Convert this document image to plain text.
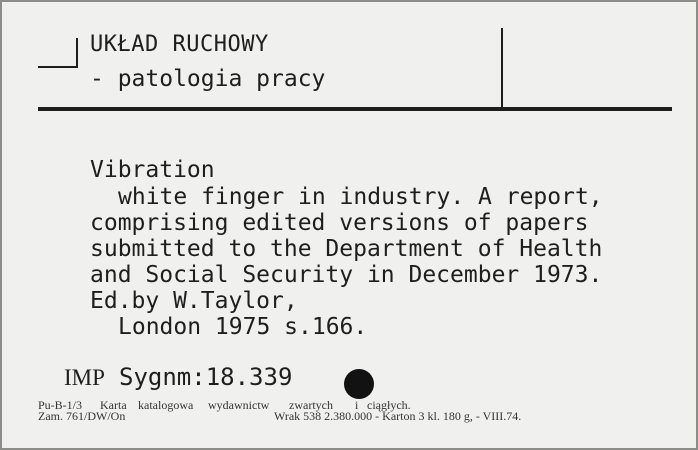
UKŁAD RUCHOWY
- patologia pracy
Vibration
white finger in industry. A report,
comprising edited versions of papers
submitted to the Department of Health
and Social Security in December 1973.
Ed.by W.Taylor,
London 1975 s.166.
IMP Sygnm:18.339
Pu-B-1/3 Karta katalogowa wydawnictw zwartych i ciągłych.
Zam. 761/DW/On	Wrak 538 2.380.000 - Karton 3 kl. 180 g, - VIII.74.
